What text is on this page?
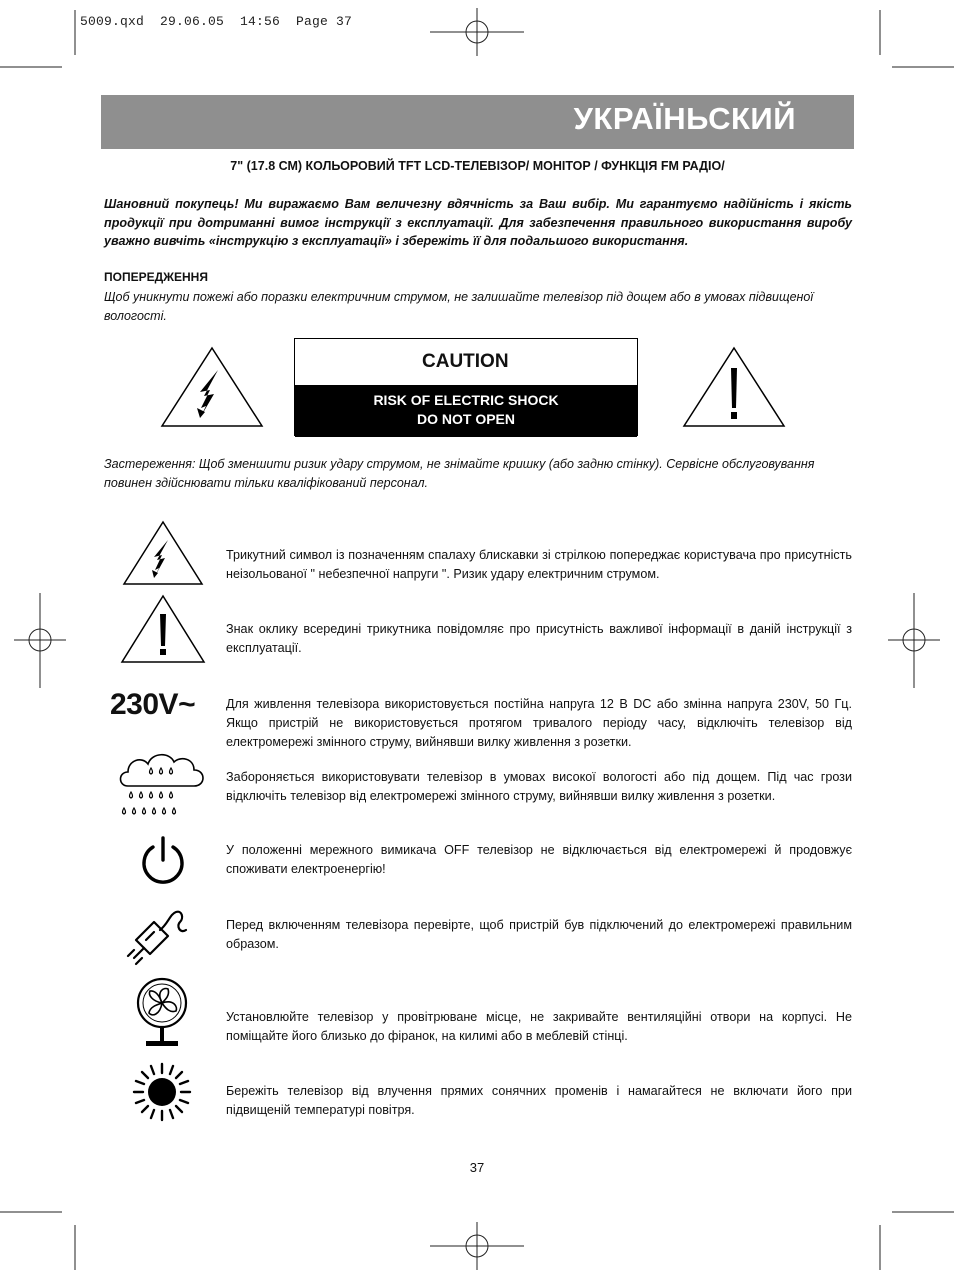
5009.qxd  29.06.05  14:56  Page 37
УКРАЇНЬСКИЙ
7" (17.8 СМ) КОЛЬОРОВИЙ TFT LCD-ТЕЛЕВІЗОР/ МОНІТОР / ФУНКЦІЯ FM РАДІО/
Шановний покупець! Ми виражаємо Вам величезну вдячність за Ваш вибір. Ми гарантуємо надійність і якість продукції при дотриманні вимог інструкції з експлуатації. Для забезпечення правильного використання виробу уважно вивчіть «інструкцію з експлуатації» і збережіть її для подальшого використання.
ПОПЕРЕДЖЕННЯ
Щоб уникнути пожежі або поразки електричним струмом, не залишайте телевізор під дощем або в умовах підвищеної вологості.
CAUTION
RISK OF ELECTRIC SHOCK
DO NOT OPEN
Застереження: Щоб зменшити ризик удару струмом, не знімайте кришку (або задню стінку). Сервісне обслуговування повинен здійснювати тільки кваліфікований персонал.
Трикутний символ із позначенням спалаху блискавки зі стрілкою попереджає користувача про присутність неізольованої " небезпечної напруги ". Ризик удару електричним струмом.
Знак оклику всередині трикутника повідомляє про присутність важливої інформації в даній інструкції з експлуатації.
230V~ Для живлення телевізора використовується постійна напруга 12 В DC або змінна напруга 230V, 50 Гц. Якщо пристрій не використовується протягом тривалого періоду часу, відключіть телевізор від електромережі змінного струму, вийнявши вилку живлення з розетки.
Забороняється використовувати телевізор в умовах високої вологості або під дощем. Під час грози відключіть телевізор від електромережі змінного струму, вийнявши вилку живлення з розетки.
У положенні мережного вимикача OFF телевізор не відключається від електромережі й продовжує споживати електроенергію!
Перед включенням телевізора перевірте, щоб пристрій був підключений до електромережі правильним образом.
Установлюйте телевізор у провітрюване місце, не закривайте вентиляційні отвори на корпусі. Не поміщайте його близько до фіранок, на килимі або в меблевій стінці.
Бережіть телевізор від влучення прямих сонячних променів і намагайтеся не включати його при підвищеній температурі повітря.
37
